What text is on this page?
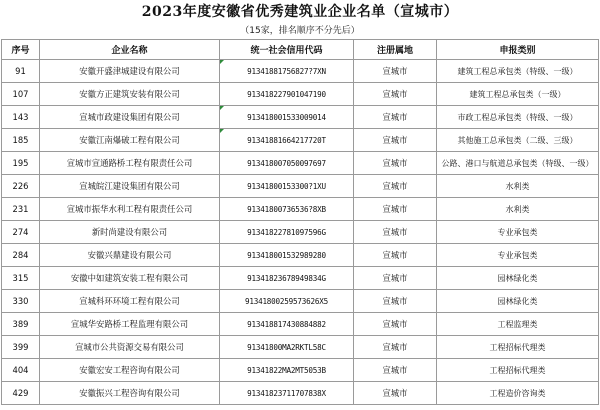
2023年度安徽省优秀建筑业企业名单（宣城市）
（15家，排名顺序不分先后）
序号	企业名称	统一社会信用代码	注册属地	申报类别
91	安徽开盛津城建设有限公司	91341881756827?7XN	宣城市	建筑工程总承包类（特级、一级）
107	安徽方正建筑安装有限公司	913418227901047190	宣城市	建筑工程总承包类（一级）
143	宣城市政建设集团有限公司	913418001533009014	宣城市	市政工程总承包类（特级、一级）
185	安徽江南爆破工程有限公司	91341881664217720T	宣城市	其他施工总承包类（二级、三级）
195	宣城市宣通路桥工程有限责任公司	913418007050097697	宣城市	公路、港口与航道总承包类（特级、一级）
226	宣城皖江建设集团有限公司	91341800153300?1XU	宣城市	水利类
231	宣城市振华水利工程有限责任公司	91341800736536?8XB	宣城市	水利类
274	新时尚建设有限公司	91341822781097596G	宣城市	专业承包类
284	安徽兴鼎建设有限公司	913418001532989280	宣城市	专业承包类
315	安徽中如建筑安装工程有限公司	91341823678949834G	宣城市	园林绿化类
330	宣城科环环境工程有限公司	91341800259573626X5	宣城市	园林绿化类
389	宣城华安路桥工程监理有限公司	913418817430884882	宣城市	工程监理类
399	宣城市公共资源交易有限公司	91341800MA2RKTL58C	宣城市	工程招标代理类
404	安徽宏安工程咨询有限公司	91341822MA2MT5053B	宣城市	工程招标代理类
429	安徽振兴工程咨询有限公司	91341823711707838X	宣城市	工程造价咨询类
